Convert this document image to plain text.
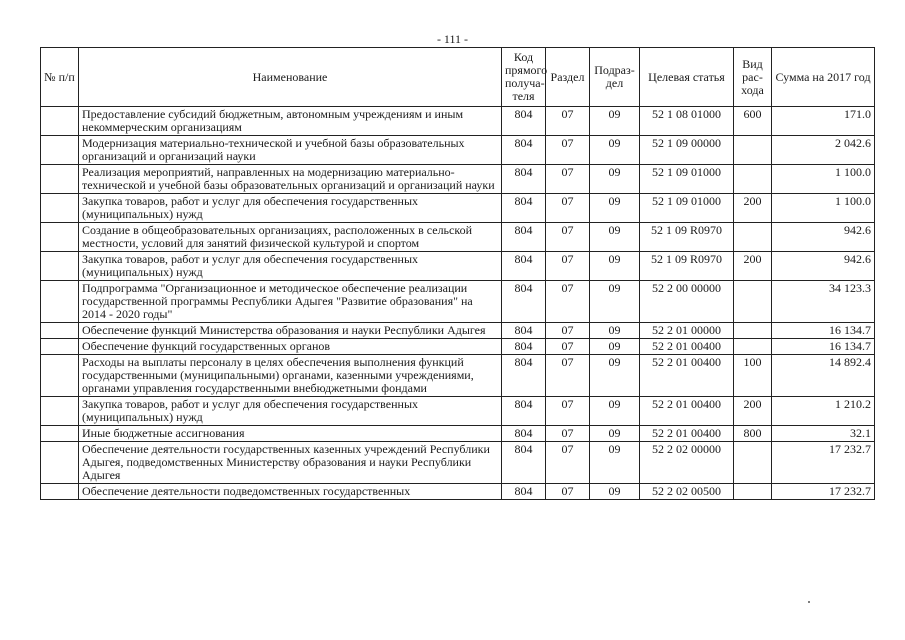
- 111 -
№ п/п	Наименование	Код прямого получа-теля	Раздел	Подраз-дел	Целевая статья	Вид рас-хода	Сумма на 2017 год
	Предоставление субсидий бюджетным, автономным учреждениям и иным некоммерческим организациям	804	07	09	52 1 08 01000	600	171.0
	Модернизация материально-технической и учебной базы образовательных организаций и организаций науки	804	07	09	52 1 09 00000		2 042.6
	Реализация мероприятий, направленных на модернизацию материально-технической и учебной базы образовательных организаций и организаций науки	804	07	09	52 1 09 01000		1 100.0
	Закупка товаров, работ и услуг для обеспечения государственных (муниципальных) нужд	804	07	09	52 1 09 01000	200	1 100.0
	Создание в общеобразовательных организациях, расположенных в сельской местности, условий для занятий физической культурой и спортом	804	07	09	52 1 09 R0970		942.6
	Закупка товаров, работ и услуг для обеспечения государственных (муниципальных) нужд	804	07	09	52 1 09 R0970	200	942.6
	Подпрограмма "Организационное и методическое обеспечение реализации государственной программы Республики Адыгея "Развитие образования" на 2014 - 2020 годы"	804	07	09	52 2 00 00000		34 123.3
	Обеспечение функций Министерства образования и науки Республики Адыгея	804	07	09	52 2 01 00000		16 134.7
	Обеспечение функций государственных органов	804	07	09	52 2 01 00400		16 134.7
	Расходы на выплаты персоналу в целях обеспечения выполнения функций государственными (муниципальными) органами, казенными учреждениями, органами управления государственными внебюджетными фондами	804	07	09	52 2 01 00400	100	14 892.4
	Закупка товаров, работ и услуг для обеспечения государственных (муниципальных) нужд	804	07	09	52 2 01 00400	200	1 210.2
	Иные бюджетные ассигнования	804	07	09	52 2 01 00400	800	32.1
	Обеспечение деятельности государственных казенных учреждений Республики Адыгея, подведомственных Министерству образования и науки Республики Адыгея	804	07	09	52 2 02 00000		17 232.7
	Обеспечение деятельности подведомственных государственных	804	07	09	52 2 02 00500		17 232.7
